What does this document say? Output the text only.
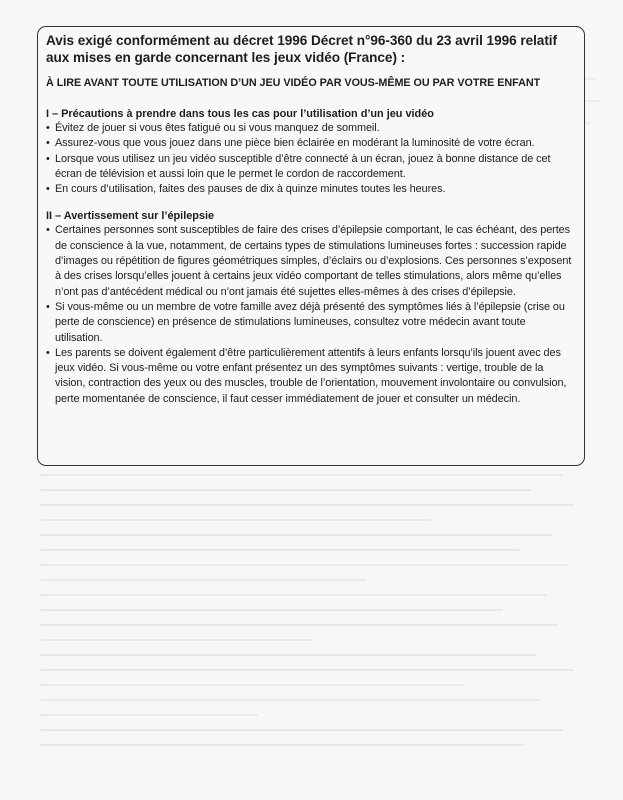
Avis exigé conformément au décret 1996 Décret n°96-360 du 23 avril 1996 relatif aux mises en garde concernant les jeux vidéo (France) :
À LIRE AVANT TOUTE UTILISATION D’UN JEU VIDÉO PAR VOUS-MÊME OU PAR VOTRE ENFANT
I – Précautions à prendre dans tous les cas pour l’utilisation d’un jeu vidéo
• Évitez de jouer si vous êtes fatigué ou si vous manquez de sommeil.
• Assurez-vous que vous jouez dans une pièce bien éclairée en modérant la luminosité de votre écran.
• Lorsque vous utilisez un jeu vidéo susceptible d’être connecté à un écran, jouez à bonne distance de cet écran de télévision et aussi loin que le permet le cordon de raccordement.
• En cours d’utilisation, faites des pauses de dix à quinze minutes toutes les heures.
II – Avertissement sur l’épilepsie
• Certaines personnes sont susceptibles de faire des crises d’épilepsie comportant, le cas échéant, des pertes de conscience à la vue, notamment, de certains types de stimulations lumineuses fortes : succession rapide d’images ou répétition de figures géométriques simples, d’éclairs ou d’explosions. Ces personnes s’exposent à des crises lorsqu’elles jouent à certains jeux vidéo comportant de telles stimulations, alors même qu’elles n’ont pas d’antécédent médical ou n’ont jamais été sujettes elles-mêmes à des crises d’épilepsie.
• Si vous-même ou un membre de votre famille avez déjà présenté des symptômes liés à l’épilepsie (crise ou perte de conscience) en présence de stimulations lumineuses, consultez votre médecin avant toute utilisation.
• Les parents se doivent également d’être particulièrement attentifs à leurs enfants lorsqu’ils jouent avec des jeux vidéo. Si vous-même ou votre enfant présentez un des symptômes suivants : vertige, trouble de la vision, contraction des yeux ou des muscles, trouble de l’orientation, mouvement involontaire ou convulsion, perte momentanée de conscience, il faut cesser immédiatement de jouer et consulter un médecin.
